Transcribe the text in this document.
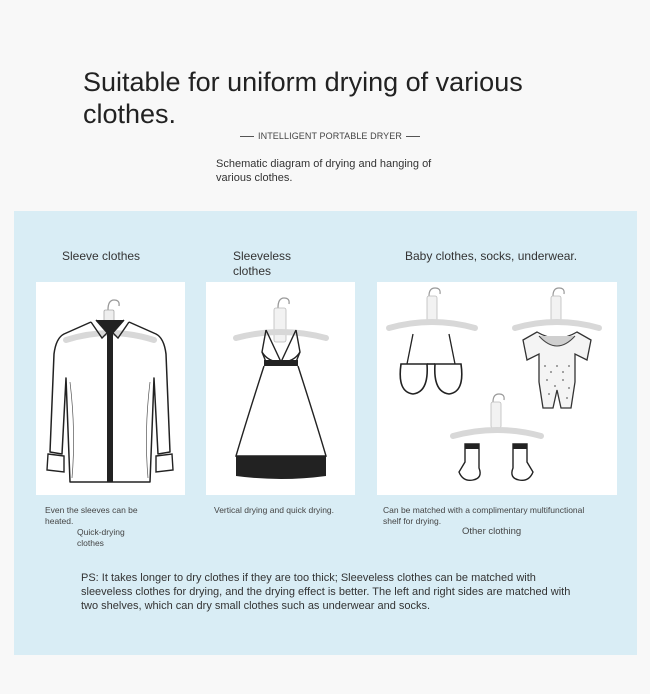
Suitable for uniform drying of various clothes.
INTELLIGENT PORTABLE DRYER

Schematic diagram of drying and hanging of various clothes.

Sleeve clothes
Even the sleeves can be heated.
Quick-drying clothes
Sleeveless clothes
Vertical drying and quick drying.
Baby clothes, socks, underwear.
Can be matched with a complimentary multifunctional shelf for drying.
Other clothing

PS: It takes longer to dry clothes if they are too thick; Sleeveless clothes can be matched with sleeveless clothes for drying, and the drying effect is better. The left and right sides are matched with two shelves, which can dry small clothes such as underwear and socks.
